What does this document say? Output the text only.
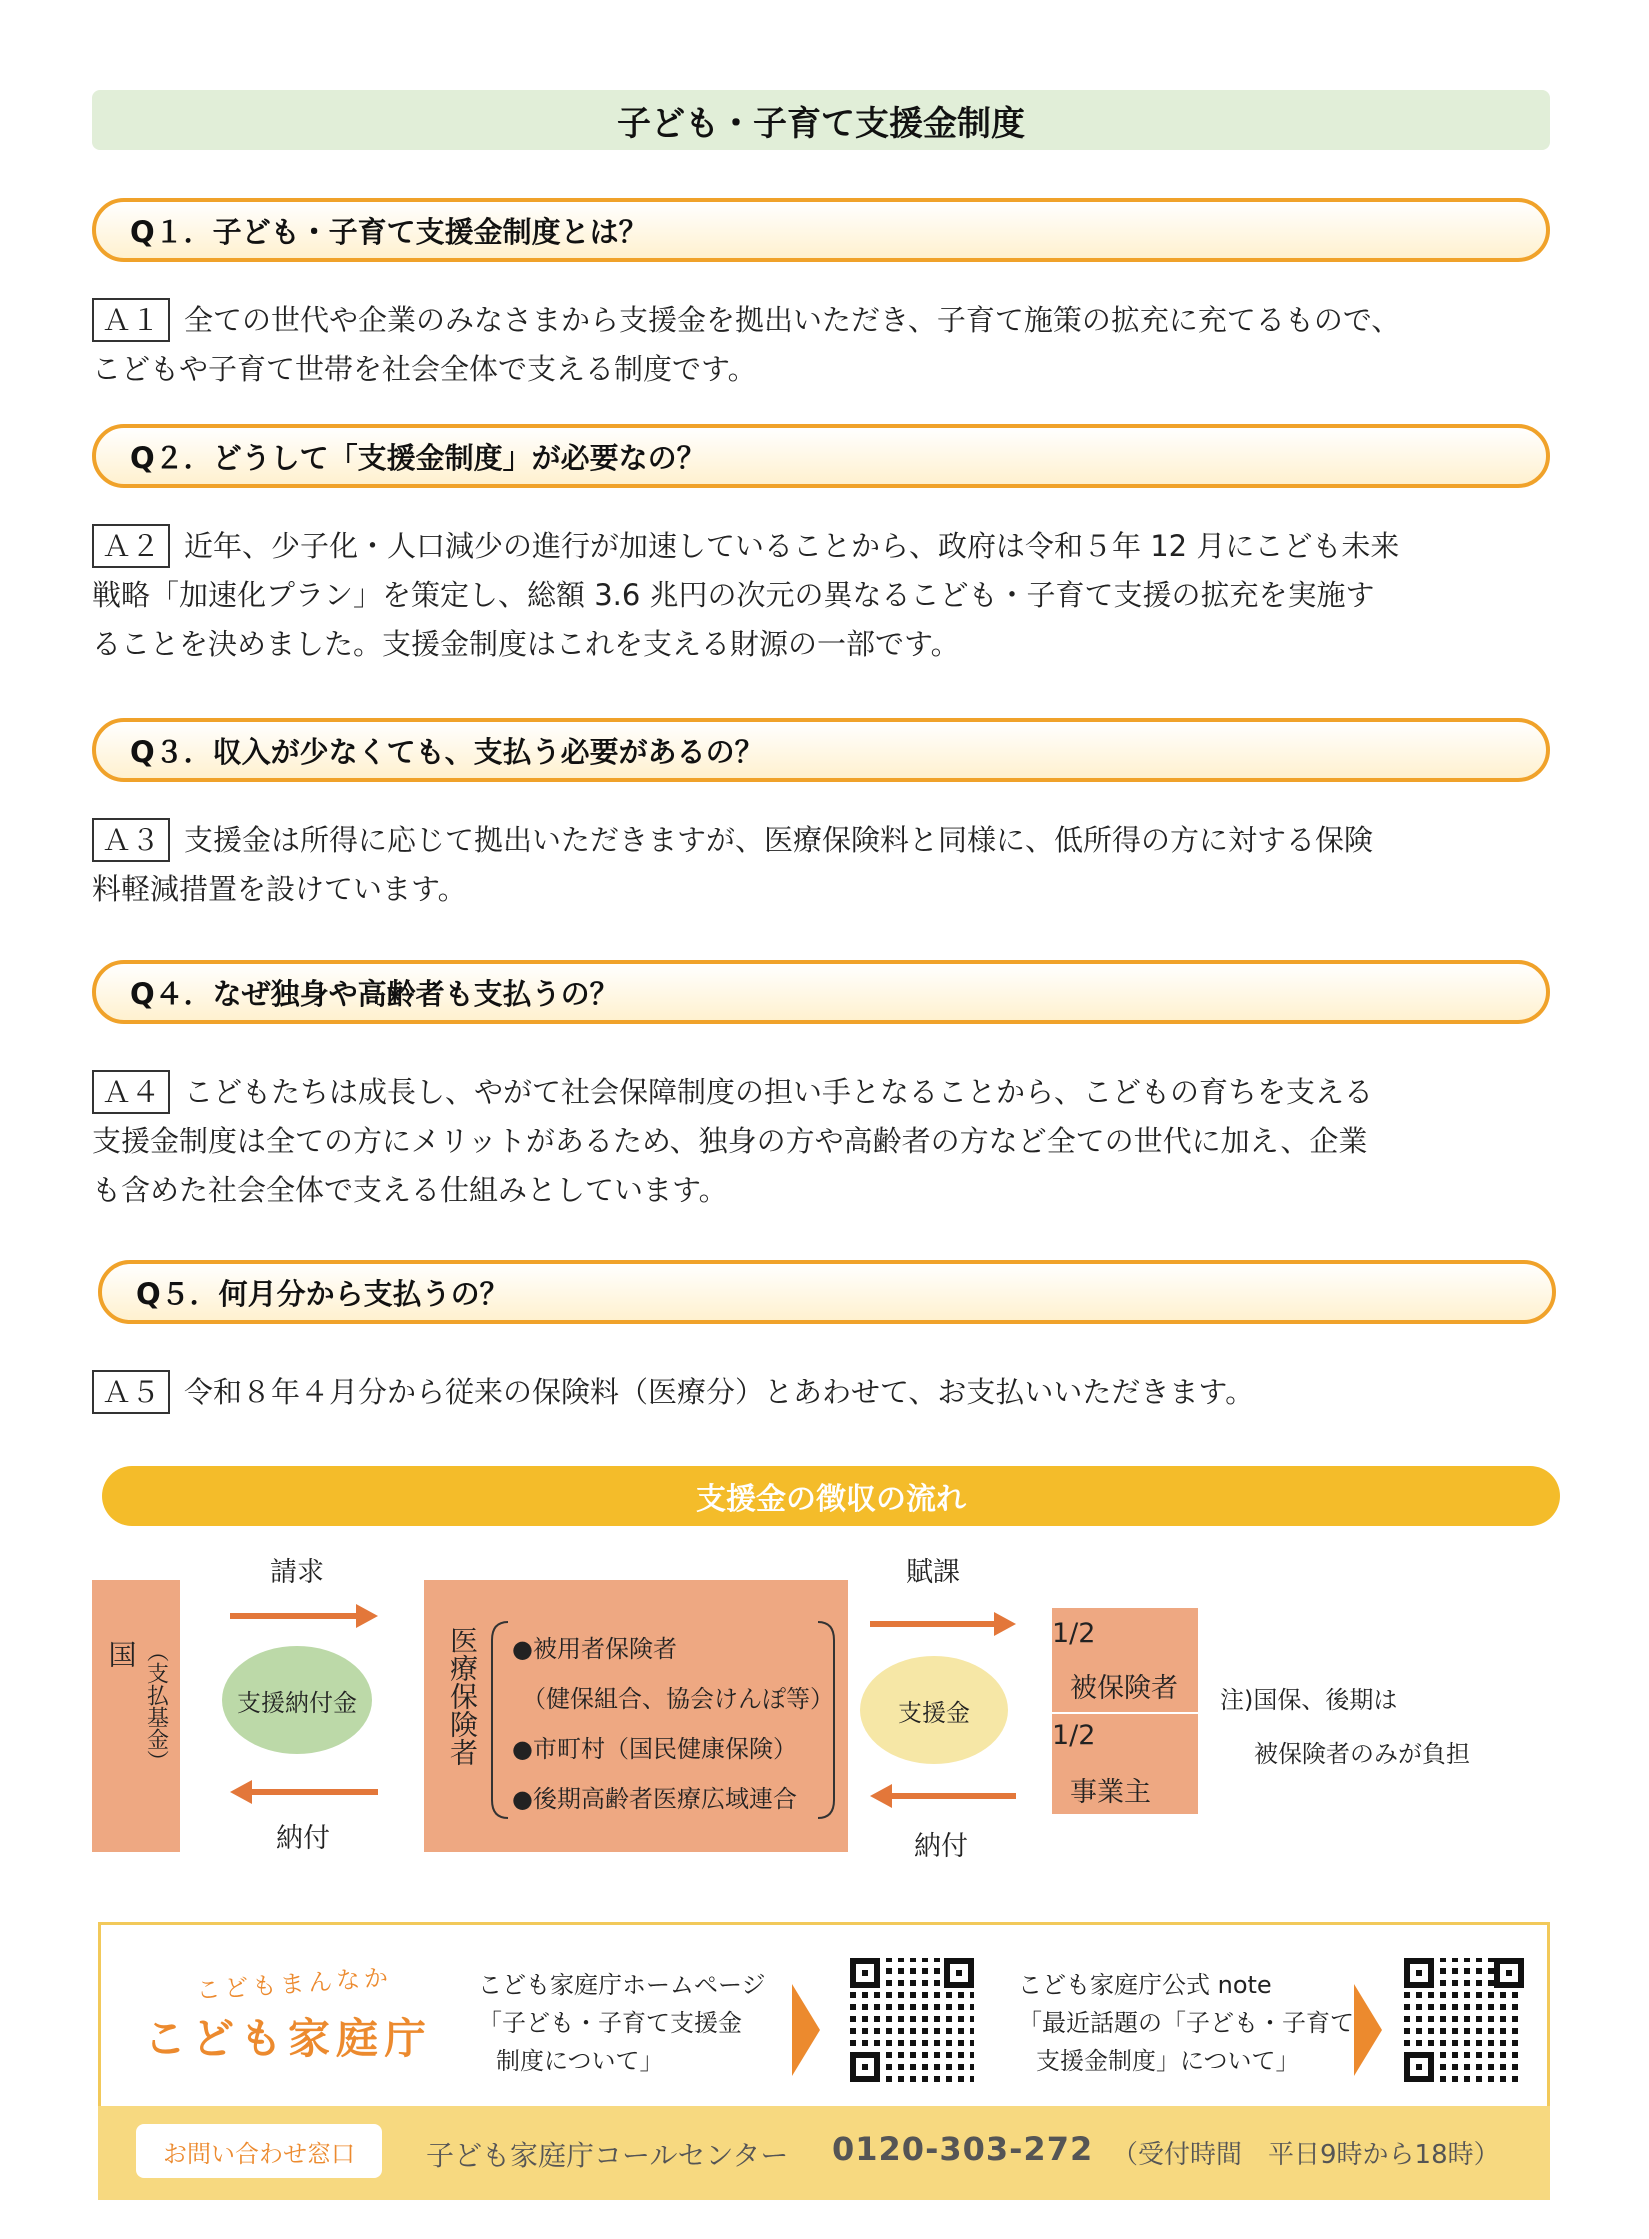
子ども・子育て支援金制度
Q１．子ども・子育て支援金制度とは？
Ａ１ 全ての世代や企業のみなさまから支援金を拠出いただき、子育て施策の拡充に充てるもので、
こどもや子育て世帯を社会全体で支える制度です。
Q２．どうして「支援金制度」が必要なの？
Ａ２ 近年、少子化・人口減少の進行が加速していることから、政府は令和５年 12 月にこども未来
戦略「加速化プラン」を策定し、総額 3.6 兆円の次元の異なるこども・子育て支援の拡充を実施す
ることを決めました。支援金制度はこれを支える財源の一部です。
Q３．収入が少なくても、支払う必要があるの？
Ａ３ 支援金は所得に応じて拠出いただきますが、医療保険料と同様に、低所得の方に対する保険
料軽減措置を設けています。
Q４．なぜ独身や高齢者も支払うの？
Ａ４ こどもたちは成長し、やがて社会保障制度の担い手となることから、こどもの育ちを支える
支援金制度は全ての方にメリットがあるため、独身の方や高齢者の方など全ての世代に加え、企業
も含めた社会全体で支える仕組みとしています。
Q５．何月分から支払うの？
Ａ５ 令和８年４月分から従来の保険料（医療分）とあわせて、お支払いいただきます。
支援金の徴収の流れ
国 （支払基金）
請求
支援納付金
納付
医療保険者 ●被用者保険者
（健保組合、協会けんぽ等）
●市町村（国民健康保険）
●後期高齢者医療広域連合
賦課
支援金
納付
1/2
被保険者
1/2
事業主
注)国保、後期は
被保険者のみが負担
こどもまんなか
こども家庭庁
こども家庭庁ホームページ
「子ども・子育て支援金
制度について」
こども家庭庁公式 note
「最近話題の「子ども・子育て
支援金制度」について」
お問い合わせ窓口	子ども家庭庁コールセンター 0120-303-272 （受付時間　平日9時から18時）
